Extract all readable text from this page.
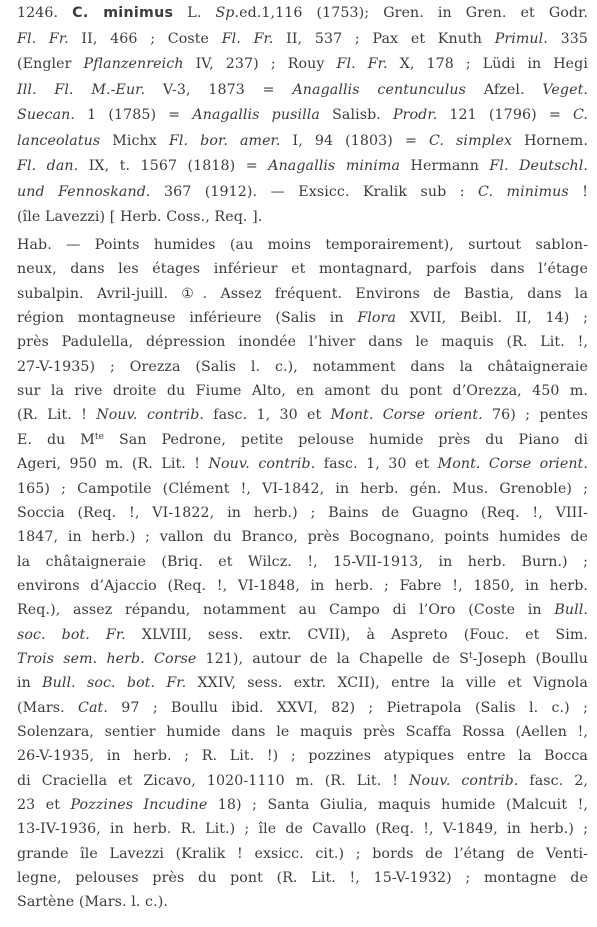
1246. C. minimus L. Sp.ed.1,116 (1753); Gren. in Gren. et Godr.
Fl. Fr. II, 466 ; Coste Fl. Fr. II, 537 ; Pax et Knuth Primul. 335
(Engler Pflanzenreich IV, 237) ; Rouy Fl. Fr. X, 178 ; Lüdi in Hegi
Ill. Fl. M.-Eur. V-3, 1873 = Anagallis centunculus Afzel. Veget.
Suecan. 1 (1785) = Anagallis pusilla Salisb. Prodr. 121 (1796) = C.
lanceolatus Michx Fl. bor. amer. I, 94 (1803) = C. simplex Hornem.
Fl. dan. IX, t. 1567 (1818) = Anagallis minima Hermann Fl. Deutschl.
und Fennoskand. 367 (1912). — Exsicc. Kralik sub : C. minimus !
(île Lavezzi) [ Herb. Coss., Req. ].
Hab. — Points humides (au moins temporairement), surtout sablon-
neux, dans les étages inférieur et montagnard, parfois dans l’étage
subalpin. Avril-juill. ①. Assez fréquent. Environs de Bastia, dans la
région montagneuse inférieure (Salis in Flora XVII, Beibl. II, 14) ;
près Padulella, dépression inondée l’hiver dans le maquis (R. Lit. !,
27-V-1935) ; Orezza (Salis l. c.), notamment dans la châtaigneraie
sur la rive droite du Fiume Alto, en amont du pont d’Orezza, 450 m.
(R. Lit. ! Nouv. contrib. fasc. 1, 30 et Mont. Corse orient. 76) ; pentes
E. du $M^{te}$ San Pedrone, petite pelouse humide près du Piano di
Ageri, 950 m. (R. Lit. ! Nouv. contrib. fasc. 1, 30 et Mont. Corse orient.
165) ; Campotile (Clément !, VI-1842, in herb. gén. Mus. Grenoble) ;
Soccia (Req. !, VI-1822, in herb.) ; Bains de Guagno (Req. !, VIII-
1847, in herb.) ; vallon du Branco, près Bocognano, points humides de
la châtaigneraie (Briq. et Wilcz. !, 15-VII-1913, in herb. Burn.) ;
environs d’Ajaccio (Req. !, VI-1848, in herb. ; Fabre !, 1850, in herb.
Req.), assez répandu, notamment au Campo di l’Oro (Coste in Bull.
soc. bot. Fr. XLVIII, sess. extr. CVII), à Aspreto (Fouc. et Sim.
Trois sem. herb. Corse 121), autour de la Chapelle de $S^t$-Joseph (Boullu
in Bull. soc. bot. Fr. XXIV, sess. extr. XCII), entre la ville et Vignola
(Mars. Cat. 97 ; Boullu ibid. XXVI, 82) ; Pietrapola (Salis l. c.) ;
Solenzara, sentier humide dans le maquis près Scaffa Rossa (Aellen !,
26-V-1935, in herb. ; R. Lit. !) ; pozzines atypiques entre la Bocca
di Craciella et Zicavo, 1020-1110 m. (R. Lit. ! Nouv. contrib. fasc. 2,
23 et Pozzines Incudine 18) ; Santa Giulia, maquis humide (Malcuit !,
13-IV-1936, in herb. R. Lit.) ; île de Cavallo (Req. !, V-1849, in herb.) ;
grande île Lavezzi (Kralik ! exsicc. cit.) ; bords de l’étang de Venti-
legne, pelouses près du pont (R. Lit. !, 15-V-1932) ; montagne de
Sartène (Mars. l. c.).
